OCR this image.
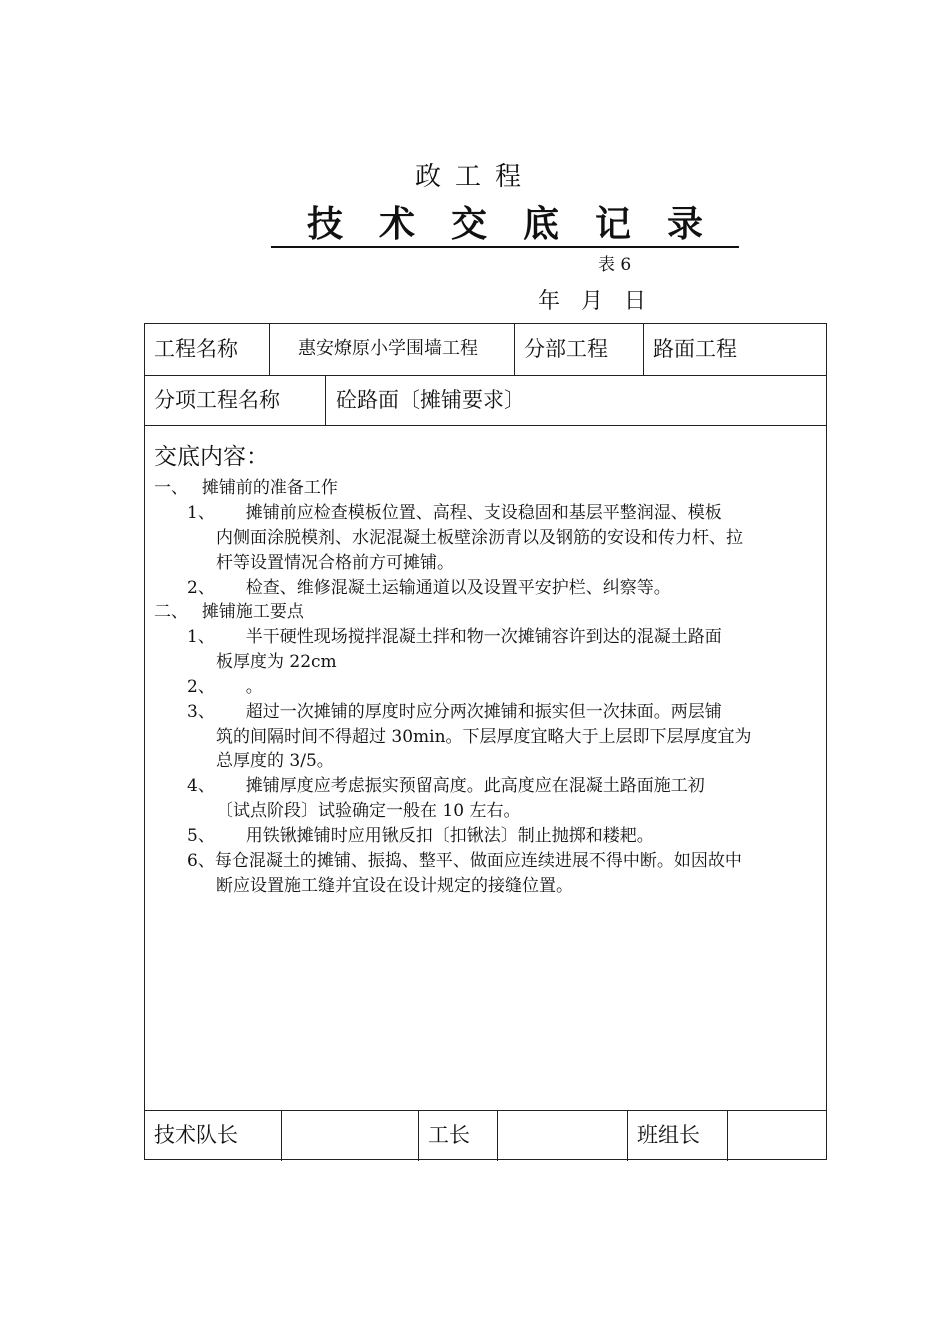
政工程
技术交底记录
表 6
年 月 日
工程名称	惠安燎原小学围墙工程 分部工程 路面工程
分项工程名称	砼路面〔摊铺要求〕
交底内容：
一、　 摊铺前的准备工作
1、　　 摊铺前应检查模板位置、高程、支设稳固和基层平整润湿、模板
内侧面涂脱模剂、水泥混凝土板壁涂沥青以及钢筋的安设和传力杆、拉
杆等设置情况合格前方可摊铺。
2、　　 检查、维修混凝土运输通道以及设置平安护栏、纠察等。
二、　 摊铺施工要点
1、　　 半干硬性现场搅拌混凝土拌和物一次摊铺容许到达的混凝土路面
板厚度为 22cm
2、　　 。
3、　　 超过一次摊铺的厚度时应分两次摊铺和振实但一次抹面。两层铺
筑的间隔时间不得超过 30min。下层厚度宜略大于上层即下层厚度宜为
总厚度的 3/5。
4、　　 摊铺厚度应考虑振实预留高度。此高度应在混凝土路面施工初
〔试点阶段〕试验确定一般在 10 左右。
5、　　 用铁锹摊铺时应用锹反扣〔扣锹法〕制止抛掷和耧耙。
6、每仓混凝土的摊铺、振捣、整平、做面应连续进展不得中断。如因故中
断应设置施工缝并宜设在设计规定的接缝位置。
技术队长	工长	班组长
